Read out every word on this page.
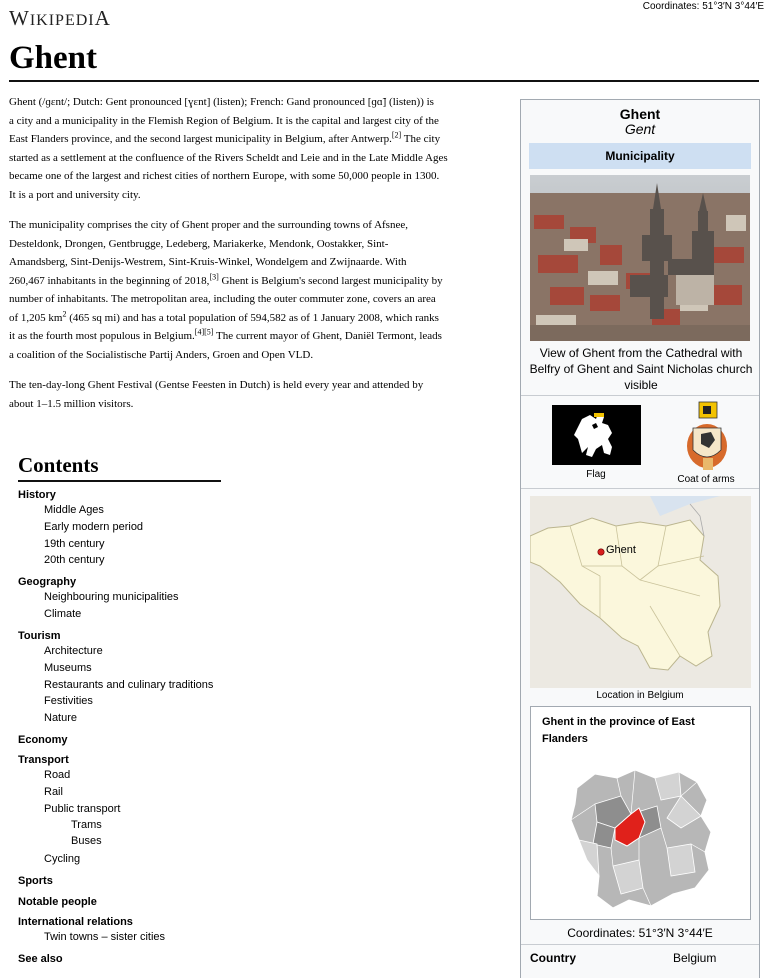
WIKIPEDIA	Coordinates: 51°3′N 3°44′E
Ghent
Ghent (/ɡɛnt/; Dutch: Gent pronounced [ɣɛnt] (listen); French: Gand pronounced [ɡɑ̃] (listen)) is
a city and a municipality in the Flemish Region of Belgium. It is the capital and largest city of the
East Flanders province, and the second largest municipality in Belgium, after Antwerp.[2] The city
started as a settlement at the confluence of the Rivers Scheldt and Leie and in the Late Middle Ages
became one of the largest and richest cities of northern Europe, with some 50,000 people in 1300.
It is a port and university city.
The municipality comprises the city of Ghent proper and the surrounding towns of Afsnee,
Desteldonk, Drongen, Gentbrugge, Ledeberg, Mariakerke, Mendonk, Oostakker, Sint-
Amandsberg, Sint-Denijs-Westrem, Sint-Kruis-Winkel, Wondelgem and Zwijnaarde. With
260,467 inhabitants in the beginning of 2018,[3] Ghent is Belgium's second largest municipality by
number of inhabitants. The metropolitan area, including the outer commuter zone, covers an area
of 1,205 $km^2$ (465 sq mi) and has a total population of 594,582 as of 1 January 2008, which ranks
it as the fourth most populous in Belgium.[4][5] The current mayor of Ghent, Daniël Termont, leads
a coalition of the Socialistische Partij Anders, Groen and Open VLD.
The ten-day-long Ghent Festival (Gentse Feesten in Dutch) is held every year and attended by
about 1–1.5 million visitors.
Contents
History
Middle Ages
Early modern period
19th century
20th century
Geography
Neighbouring municipalities
Climate
Tourism
Architecture
Museums
Restaurants and culinary traditions
Festivities
Nature
Economy
Transport
Road
Rail
Public transport
Trams
Buses
Cycling
Sports
Notable people
International relations
Twin towns – sister cities
See also
Ghent
Gent
Municipality
View of Ghent from the Cathedral with Belfry of Ghent and Saint Nicholas church visible
Flag	Coat of arms
Ghent
Location in Belgium
Ghent in the province of East Flanders
Coordinates: 51°3′N 3°44′E
Country	Belgium
